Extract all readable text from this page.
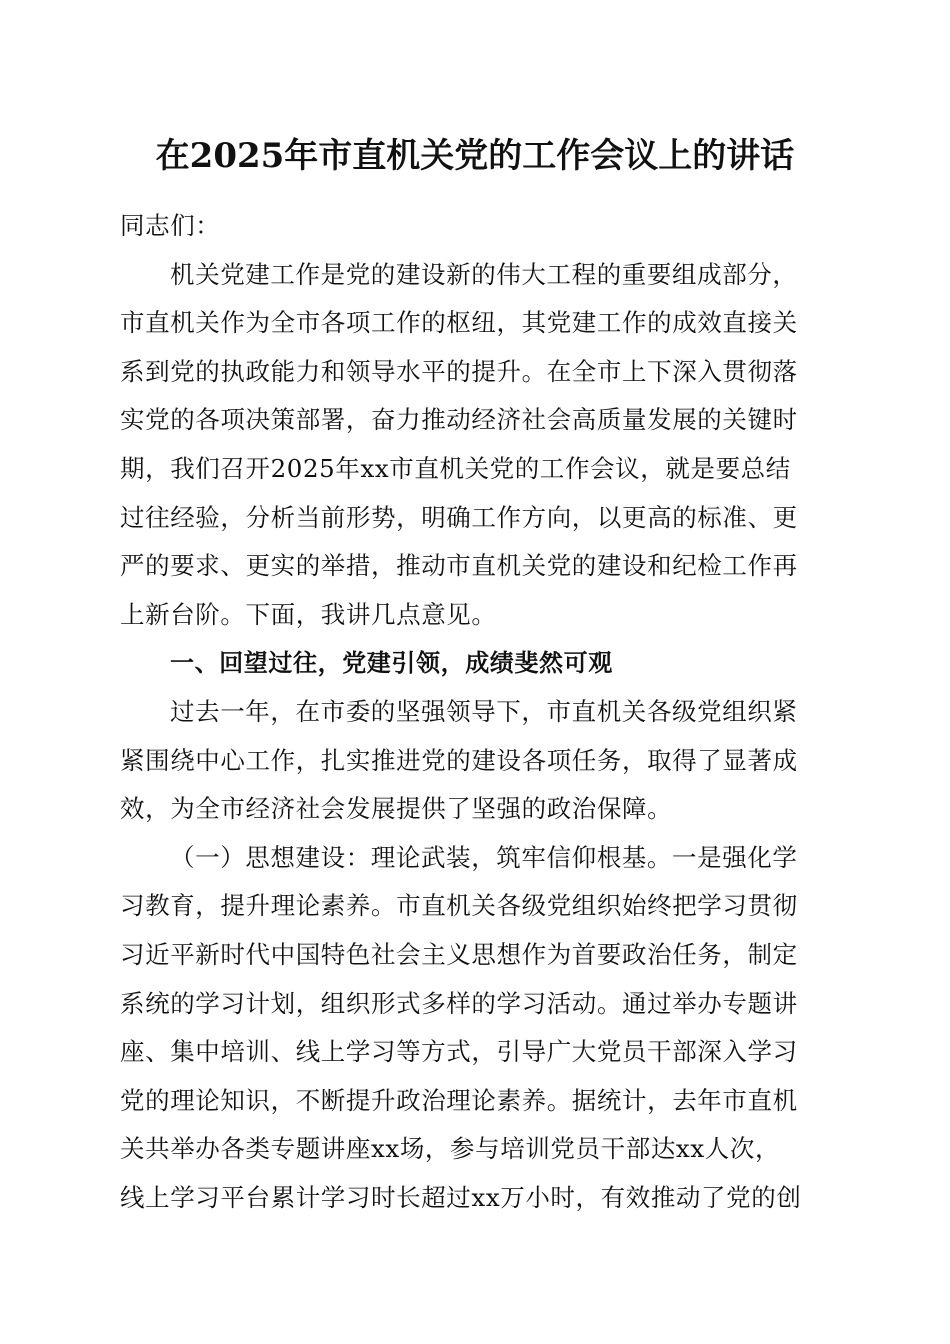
在2025年市直机关党的工作会议上的讲话
同志们：
机关党建工作是党的建设新的伟大工程的重要组成部分，
市直机关作为全市各项工作的枢纽，其党建工作的成效直接关
系到党的执政能力和领导水平的提升。在全市上下深入贯彻落
实党的各项决策部署，奋力推动经济社会高质量发展的关键时
期，我们召开2025年xx市直机关党的工作会议，就是要总结
过往经验，分析当前形势，明确工作方向，以更高的标准、更
严的要求、更实的举措，推动市直机关党的建设和纪检工作再
上新台阶。下面，我讲几点意见。
一、回望过往，党建引领，成绩斐然可观
过去一年，在市委的坚强领导下，市直机关各级党组织紧
紧围绕中心工作，扎实推进党的建设各项任务，取得了显著成
效，为全市经济社会发展提供了坚强的政治保障。
（一）思想建设：理论武装，筑牢信仰根基。一是强化学
习教育，提升理论素养。市直机关各级党组织始终把学习贯彻
习近平新时代中国特色社会主义思想作为首要政治任务，制定
系统的学习计划，组织形式多样的学习活动。通过举办专题讲
座、集中培训、线上学习等方式，引导广大党员干部深入学习
党的理论知识，不断提升政治理论素养。据统计，去年市直机
关共举办各类专题讲座xx场，参与培训党员干部达xx人次，
线上学习平台累计学习时长超过xx万小时，有效推动了党的创
